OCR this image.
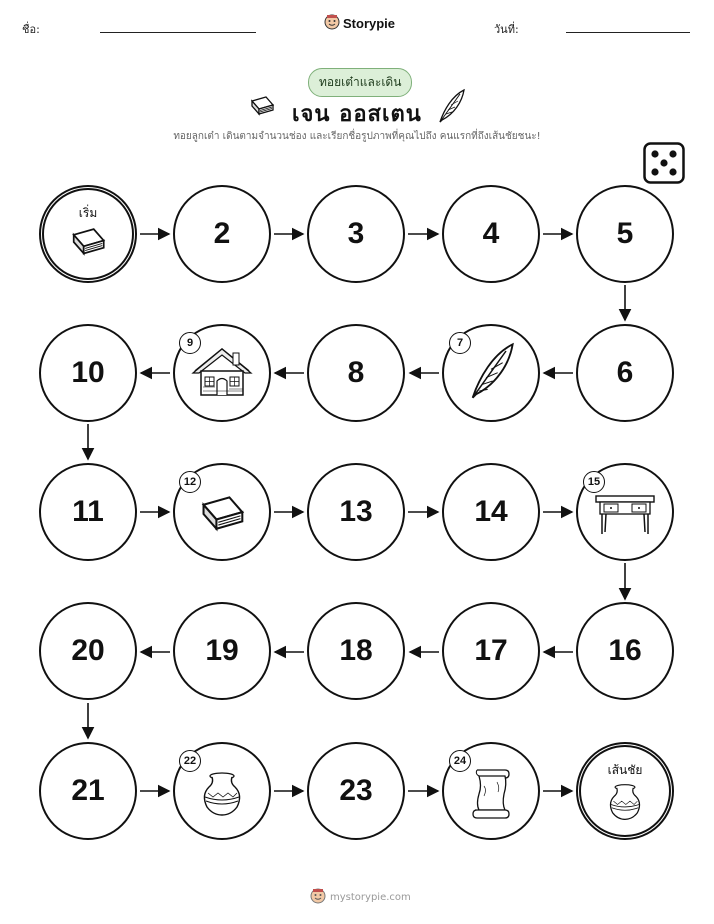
ชื่อ:	Storypie	วันที่:
ทอยเต๋าและเดิน
เจน ออสเตน
ทอยลูกเต๋า เดินตามจำนวนช่อง และเรียกชื่อรูปภาพที่คุณไปถึง คนแรกที่ถึงเส้นชัยชนะ!
เริ่ม
2	3	4	5
10
9
8
7
6
11
12
13	14
15
20	19	18	17	16
21
22
23
24
เส้นชัย
mystorypie.com
